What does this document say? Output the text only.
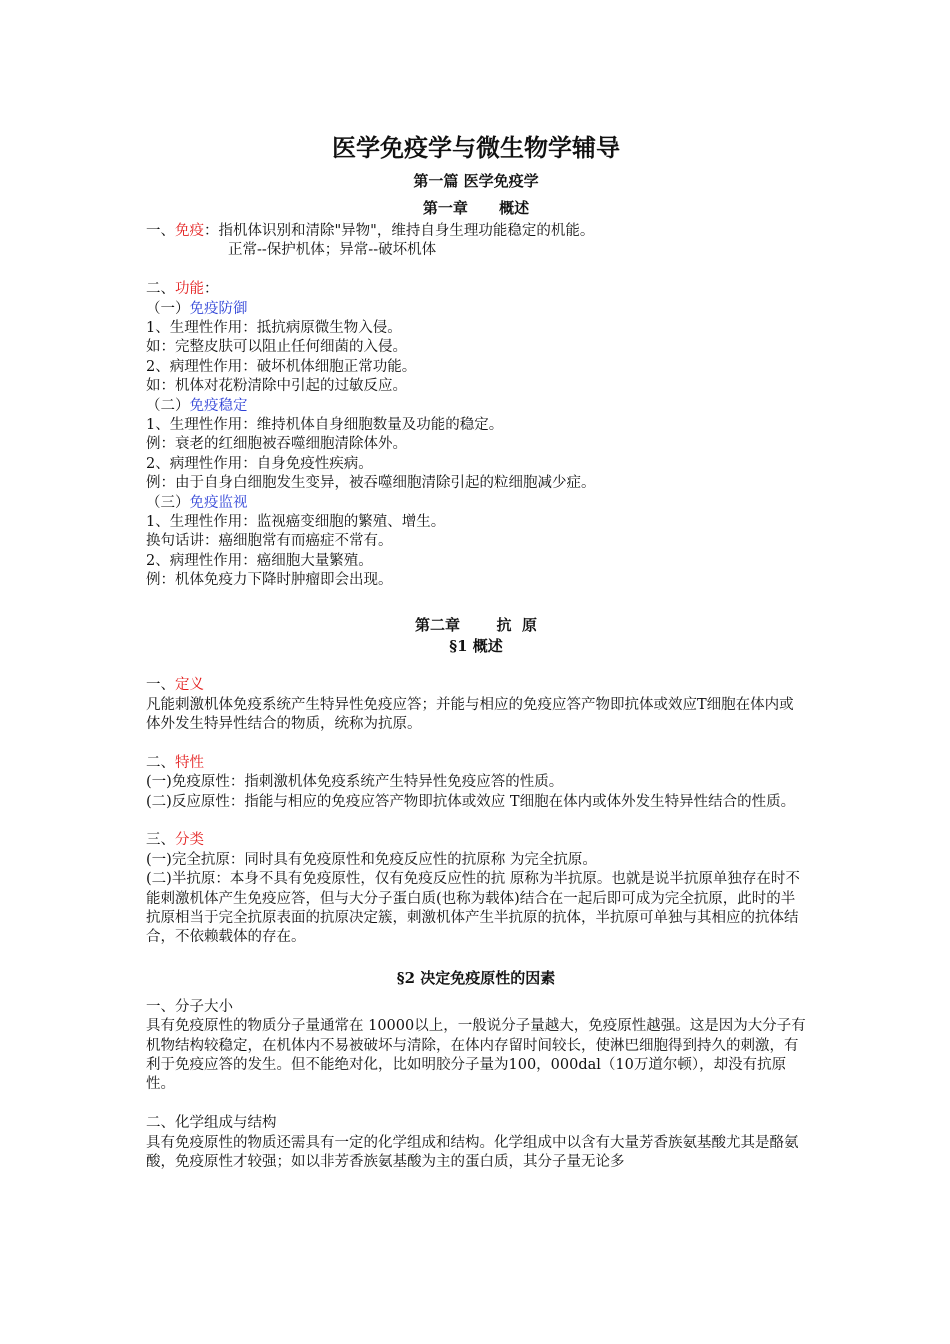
医学免疫学与微生物学辅导
第一篇 医学免疫学
第一章      概述

一、免疫：指机体识别和清除"异物"，维持自身生理功能稳定的机能。

正常--保护机体；异常--破坏机体

二、功能：

（一）免疫防御

1、生理性作用：抵抗病原微生物入侵。

如：完整皮肤可以阻止任何细菌的入侵。

2、病理性作用：破坏机体细胞正常功能。

如：机体对花粉清除中引起的过敏反应。

（二）免疫稳定

1、生理性作用：维持机体自身细胞数量及功能的稳定。

例：衰老的红细胞被吞噬细胞清除体外。

2、病理性作用：自身免疫性疾病。

例：由于自身白细胞发生变异，被吞噬细胞清除引起的粒细胞减少症。

（三）免疫监视

1、生理性作用：监视癌变细胞的繁殖、增生。

换句话讲：癌细胞常有而癌症不常有。

2、病理性作用：癌细胞大量繁殖。

例：机体免疫力下降时肿瘤即会出现。

第二章       抗  原
§1 概述

一、定义

凡能刺激机体免疫系统产生特异性免疫应答；并能与相应的免疫应答产物即抗体或效应T细胞在体内或体外发生特异性结合的物质，统称为抗原。

二、特性

(一)免疫原性：指刺激机体免疫系统产生特异性免疫应答的性质。

(二)反应原性：指能与相应的免疫应答产物即抗体或效应 T细胞在体内或体外发生特异性结合的性质。

三、分类

(一)完全抗原：同时具有免疫原性和免疫反应性的抗原称 为完全抗原。

(二)半抗原：本身不具有免疫原性，仅有免疫反应性的抗 原称为半抗原。也就是说半抗原单独存在时不能刺激机体产生免疫应答，但与大分子蛋白质(也称为载体)结合在一起后即可成为完全抗原，此时的半抗原相当于完全抗原表面的抗原决定簇，刺激机体产生半抗原的抗体，半抗原可单独与其相应的抗体结合，不依赖载体的存在。

§2 决定免疫原性的因素

一、分子大小

具有免疫原性的物质分子量通常在 10000以上，一般说分子量越大，免疫原性越强。这是因为大分子有机物结构较稳定，在机体内不易被破坏与清除，在体内存留时间较长，使淋巴细胞得到持久的刺激，有利于免疫应答的发生。但不能绝对化，比如明胶分子量为100，000dal（10万道尔顿），却没有抗原性。

二、化学组成与结构

具有免疫原性的物质还需具有一定的化学组成和结构。化学组成中以含有大量芳香族氨基酸尤其是酪氨酸，免疫原性才较强；如以非芳香族氨基酸为主的蛋白质，其分子量无论多
